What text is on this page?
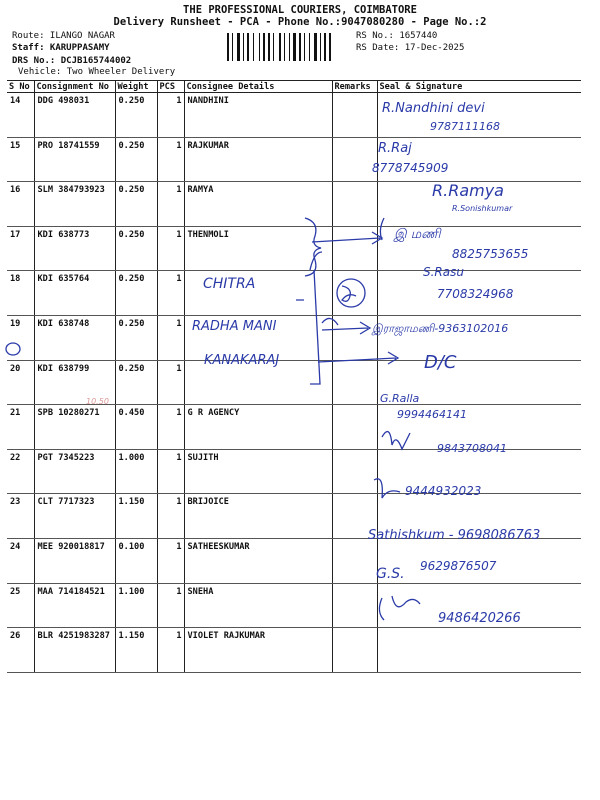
THE PROFESSIONAL COURIERS, COIMBATORE
Delivery Runsheet - PCA - Phone No.:9047080280 - Page No.:2
Route: ILANGO NAGAR
Staff: KARUPPASAMY
DRS No.: DCJB165744002
Vehicle: Two Wheeler Delivery
RS No.: 1657440
RS Date: 17-Dec-2025
S No	Consignment No	Weight	PCS	Consignee Details	Remarks	Seal & Signature
14	DDG 498031	0.250	1	NANDHINI		
15	PRO 18741559	0.250	1	RAJKUMAR		
16	SLM 384793923	0.250	1	RAMYA		
17	KDI 638773	0.250	1	THENMOLI		
18	KDI 635764	0.250	1			
19	KDI 638748	0.250	1			
20	KDI 638799	0.250	1			
21	SPB 10280271	0.450	1	G R AGENCY		
22	PGT 7345223	1.000	1	SUJITH		
23	CLT 7717323	1.150	1	BRIJOICE		
24	MEE 920018817	0.100	1	SATHEESKUMAR		
25	MAA 714184521	1.100	1	SNEHA		
26	BLR 4251983287	1.150	1	VIOLET RAJKUMAR		
R.Nandhini devi
9787111168
R.Raj
8778745909
R.Ramya
R.Sonishkumar
இ மணி
8825753655
CHITRA
S.Rasu
7708324968
RADHA MANI	இராஜாமணி-9363102016
KANAKARAJ	D/C
10.50	G.Ralla
9994464141
9843708041
9444932023
Sathishkum - 9698086763
G.S. 9629876507
9486420266
